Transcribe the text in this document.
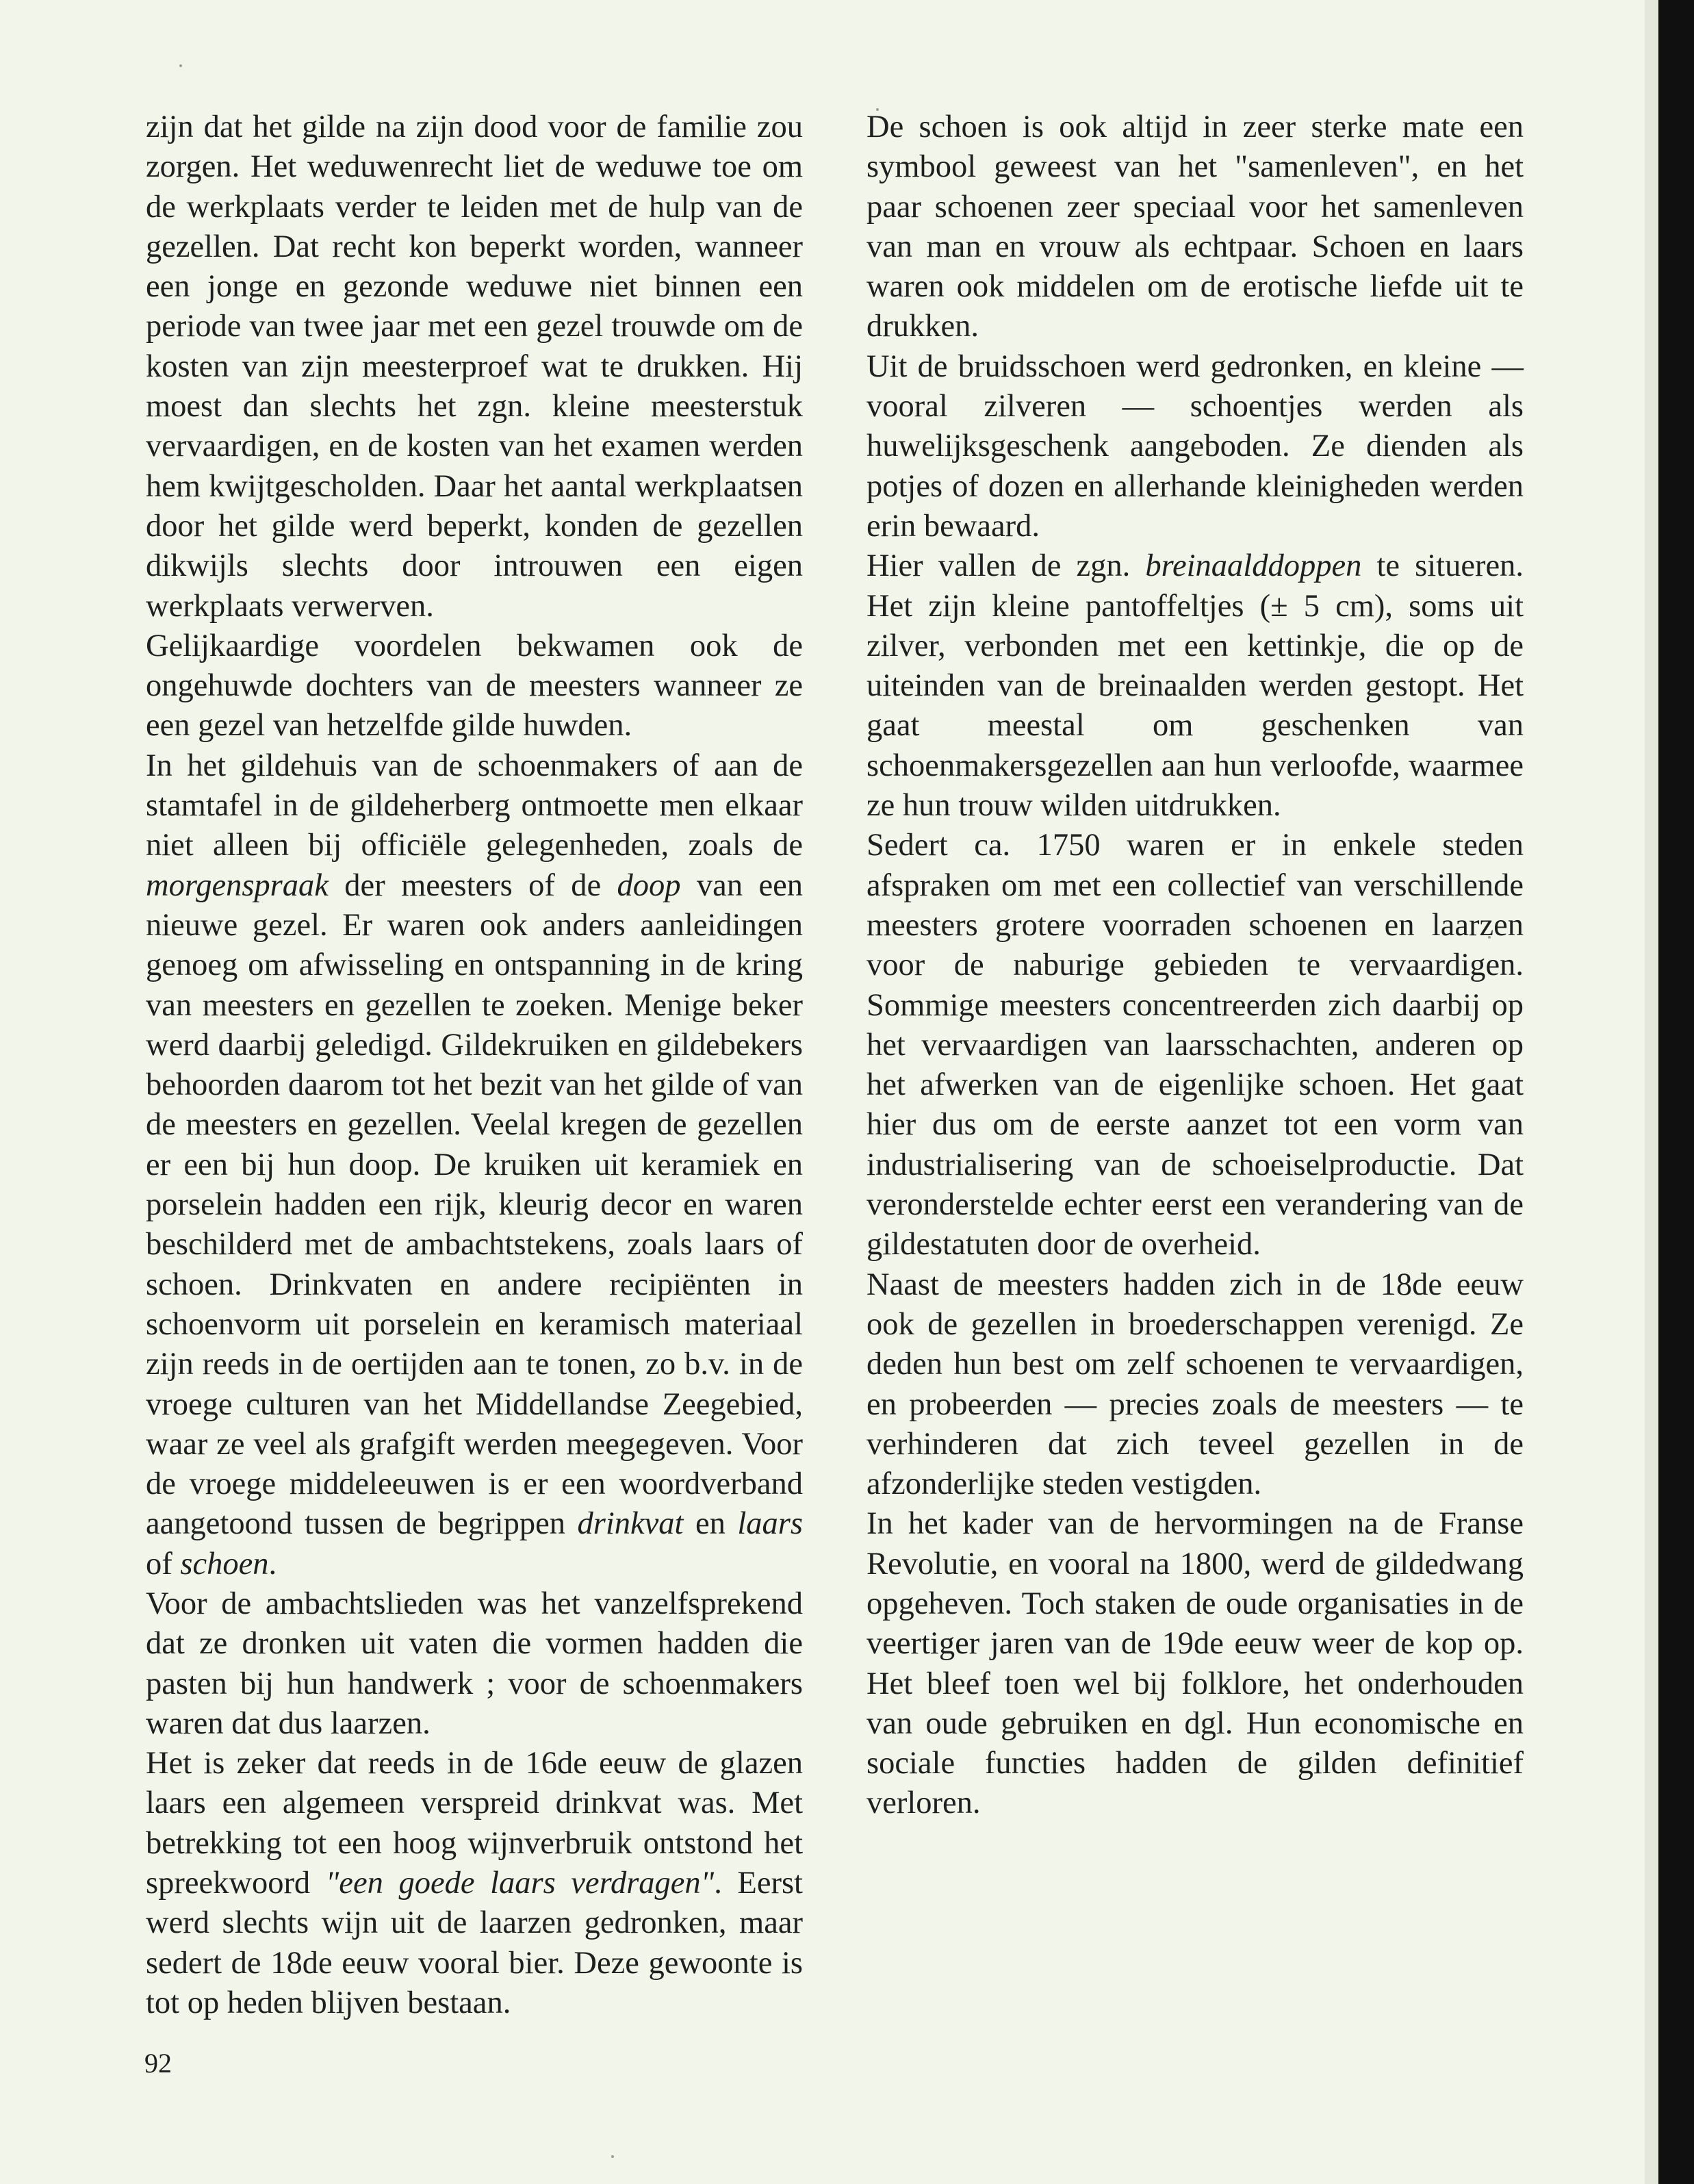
zijn dat het gilde na zijn dood voor de familie zou zorgen. Het weduwenrecht liet de weduwe toe om de werkplaats verder te leiden met de hulp van de gezellen. Dat recht kon beperkt worden, wanneer een jonge en gezonde weduwe niet binnen een periode van twee jaar met een gezel trouwde om de kosten van zijn meesterproef wat te drukken. Hij moest dan slechts het zgn. kleine meesterstuk vervaardigen, en de kosten van het examen werden hem kwijtgescholden. Daar het aantal werkplaatsen door het gilde werd beperkt, konden de gezellen dikwijls slechts door introuwen een eigen werkplaats verwerven.

Gelijkaardige voordelen bekwamen ook de ongehuwde dochters van de meesters wanneer ze een gezel van hetzelfde gilde huwden.

In het gildehuis van de schoenmakers of aan de stamtafel in de gildeherberg ontmoette men elkaar niet alleen bij officiële gelegenheden, zoals de morgenspraak der meesters of de doop van een nieuwe gezel. Er waren ook anders aanleidingen genoeg om afwisseling en ontspanning in de kring van meesters en gezellen te zoeken. Menige beker werd daarbij geledigd. Gildekruiken en gildebekers behoorden daarom tot het bezit van het gilde of van de meesters en gezellen. Veelal kregen de gezellen er een bij hun doop. De kruiken uit keramiek en porselein hadden een rijk, kleurig decor en waren beschilderd met de ambachtstekens, zoals laars of schoen. Drinkvaten en andere recipiënten in schoenvorm uit porselein en keramisch materiaal zijn reeds in de oertijden aan te tonen, zo b.v. in de vroege culturen van het Middellandse Zeegebied, waar ze veel als grafgift werden meegegeven. Voor de vroege middeleeuwen is er een woordverband aangetoond tussen de begrippen drinkvat en laars of schoen.

Voor de ambachtslieden was het vanzelfsprekend dat ze dronken uit vaten die vormen hadden die pasten bij hun handwerk ; voor de schoenmakers waren dat dus laarzen.

Het is zeker dat reeds in de 16de eeuw de glazen laars een algemeen verspreid drinkvat was. Met betrekking tot een hoog wijnverbruik ontstond het spreekwoord "een goede laars verdragen". Eerst werd slechts wijn uit de laarzen gedronken, maar sedert de 18de eeuw vooral bier. Deze gewoonte is tot op heden blijven bestaan.

De schoen is ook altijd in zeer sterke mate een symbool geweest van het "samenleven", en het paar schoenen zeer speciaal voor het samenleven van man en vrouw als echtpaar. Schoen en laars waren ook middelen om de erotische liefde uit te drukken.

Uit de bruidsschoen werd gedronken, en kleine — vooral zilveren — schoentjes werden als huwelijksgeschenk aangeboden. Ze dienden als potjes of dozen en allerhande kleinigheden werden erin bewaard.

Hier vallen de zgn. breinaalddoppen te situeren. Het zijn kleine pantoffeltjes (± 5 cm), soms uit zilver, verbonden met een kettinkje, die op de uiteinden van de breinaalden werden gestopt. Het gaat meestal om geschenken van schoenmakersgezellen aan hun verloofde, waarmee ze hun trouw wilden uitdrukken.

Sedert ca. 1750 waren er in enkele steden afspraken om met een collectief van verschillende meesters grotere voorraden schoenen en laarzen voor de naburige gebieden te vervaardigen. Sommige meesters concentreerden zich daarbij op het vervaardigen van laarsschachten, anderen op het afwerken van de eigenlijke schoen. Het gaat hier dus om de eerste aanzet tot een vorm van industrialisering van de schoeiselproductie. Dat veronderstelde echter eerst een verandering van de gildestatuten door de overheid.

Naast de meesters hadden zich in de 18de eeuw ook de gezellen in broederschappen verenigd. Ze deden hun best om zelf schoenen te vervaardigen, en probeerden — precies zoals de meesters — te verhinderen dat zich teveel gezellen in de afzonderlijke steden vestigden.

In het kader van de hervormingen na de Franse Revolutie, en vooral na 1800, werd de gildedwang opgeheven. Toch staken de oude organisaties in de veertiger jaren van de 19de eeuw weer de kop op. Het bleef toen wel bij folklore, het onderhouden van oude gebruiken en dgl. Hun economische en sociale functies hadden de gilden definitief verloren.

92
